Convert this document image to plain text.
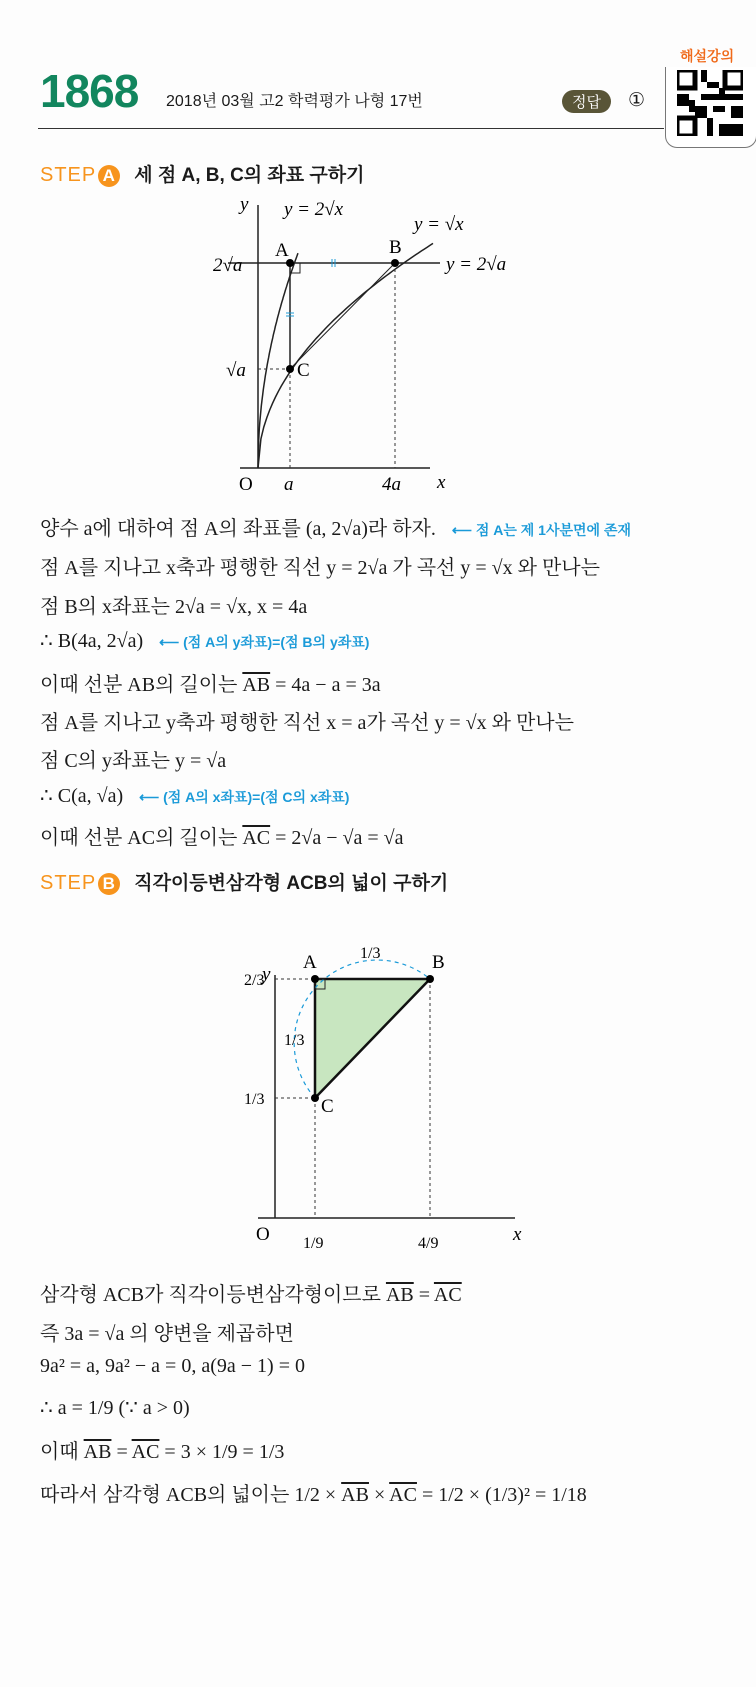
1868 2018년 03월 고2 학력평가 나형 17번	정답	①
해설강의
STEP A 세 점 A, B, C의 좌표 구하기
y
x
a	4a
2√a
√a
y = 2√x
y = √x
y = 2√a
O
A	B
C
양수 a에 대하여 점 A의 좌표를 (a, 2√a)라 하자. ⟵ 점 A는 제 1사분면에 존재
점 A를 지나고 x축과 평행한 직선 y = 2√a 가 곡선 y = √x 와 만나는
점 B의 x좌표는 2√a = √x, x = 4a
∴ B(4a, 2√a) ⟵ (점 A의 y좌표)=(점 B의 y좌표)
이때 선분 AB의 길이는 $\overline{AB} = 4a - a = 3a$
점 A를 지나고 y축과 평행한 직선 x = a가 곡선 y = √x 와 만나는
점 C의 y좌표는 y = √a
∴ C(a, √a) ⟵ (점 A의 x좌표)=(점 C의 x좌표)
이때 선분 AC의 길이는 $\overline{AC} = 2√a - √a = √a$
STEP B 직각이등변삼각형 ACB의 넓이 구하기
y
x
O
A	B
C
2/3
1/3
1/9	4/9
1/3
1/3
삼각형 ACB가 직각이등변삼각형이므로 $\overline{AB} = \overline{AC}$
즉 3a = √a 의 양변을 제곱하면
9a² = a, 9a² − a = 0, a(9a − 1) = 0
∴ a = 1/9 (∵ a > 0)
이때 $\overline{AB} = \overline{AC} = 3 \times 1/9 = 1/3$
따라서 삼각형 ACB의 넓이는 $1/2 \times \overline{AB} \times \overline{AC} = 1/2 \times (1/3)^2 = 1/18$
